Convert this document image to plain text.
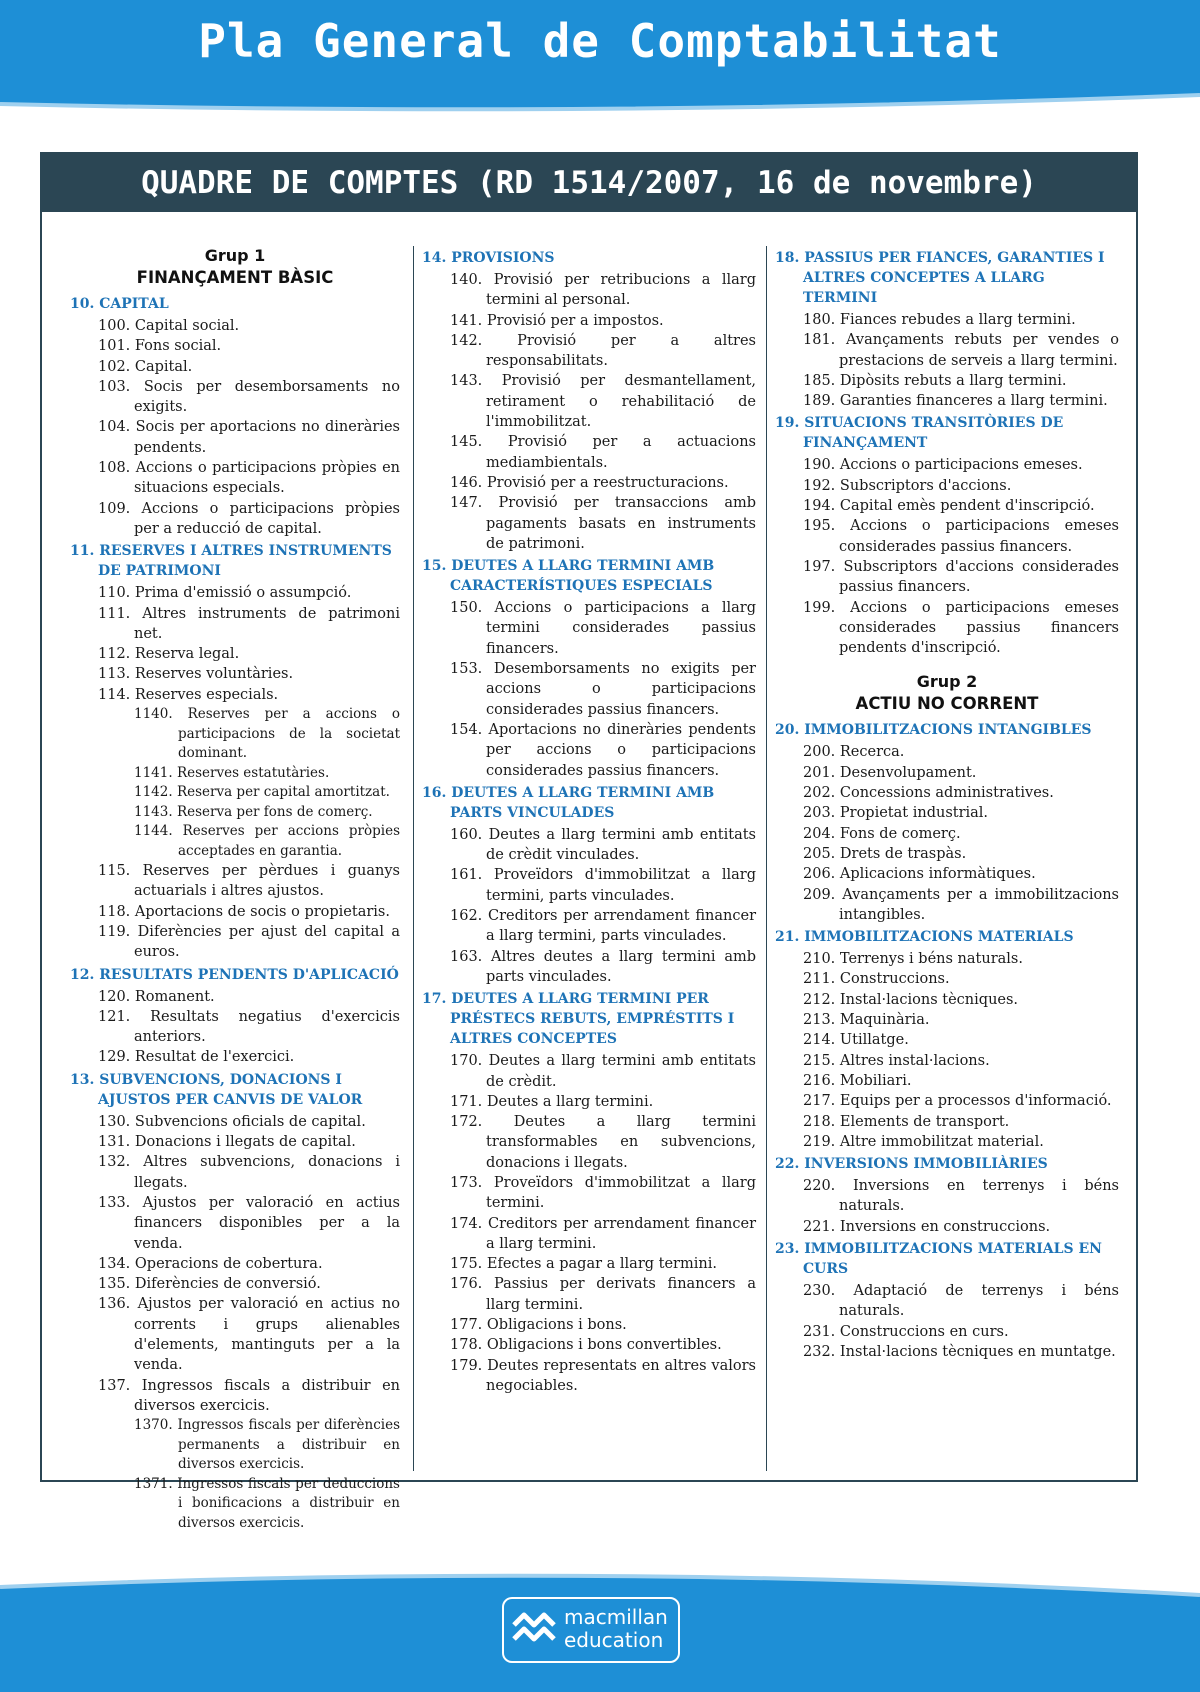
Pla General de Comptabilitat
QUADRE DE COMPTES (RD 1514/2007, 16 de novembre)
Grup 1
FINANÇAMENT BÀSIC
10. CAPITAL
100. Capital social.
101. Fons social.
102. Capital.
103. Socis per desemborsaments no exigits.
104. Socis per aportacions no dineràries pendents.
108. Accions o participacions pròpies en situacions especials.
109. Accions o participacions pròpies per a reducció de capital.
11. RESERVES I ALTRES INSTRUMENTS DE PATRIMONI
110. Prima d'emissió o assumpció.
111. Altres instruments de patrimoni net.
112. Reserva legal.
113. Reserves voluntàries.
114. Reserves especials.
1140. Reserves per a accions o participacions de la societat dominant.
1141. Reserves estatutàries.
1142. Reserva per capital amortitzat.
1143. Reserva per fons de comerç.
1144. Reserves per accions pròpies acceptades en garantia.
115. Reserves per pèrdues i guanys actuarials i altres ajustos.
118. Aportacions de socis o propietaris.
119. Diferències per ajust del capital a euros.
12. RESULTATS PENDENTS D'APLICACIÓ
120. Romanent.
121. Resultats negatius d'exercicis anteriors.
129. Resultat de l'exercici.
13. SUBVENCIONS, DONACIONS I AJUSTOS PER CANVIS DE VALOR
130. Subvencions oficials de capital.
131. Donacions i llegats de capital.
132. Altres subvencions, donacions i llegats.
133. Ajustos per valoració en actius financers disponibles per a la venda.
134. Operacions de cobertura.
135. Diferències de conversió.
136. Ajustos per valoració en actius no corrents i grups alienables d'elements, mantinguts per a la venda.
137. Ingressos fiscals a distribuir en diversos exercicis.
1370. Ingressos fiscals per diferències permanents a distribuir en diversos exercicis.
1371. Ingressos fiscals per deduccions i bonificacions a distribuir en diversos exercicis.
14. PROVISIONS
140. Provisió per retribucions a llarg termini al personal.
141. Provisió per a impostos.
142. Provisió per a altres responsabilitats.
143. Provisió per desmantellament, retirament o rehabilitació de l'immobilitzat.
145. Provisió per a actuacions mediambientals.
146. Provisió per a reestructuracions.
147. Provisió per transaccions amb pagaments basats en instruments de patrimoni.
15. DEUTES A LLARG TERMINI AMB CARACTERÍSTIQUES ESPECIALS
150. Accions o participacions a llarg termini considerades passius financers.
153. Desemborsaments no exigits per accions o participacions considerades passius financers.
154. Aportacions no dineràries pendents per accions o participacions considerades passius financers.
16. DEUTES A LLARG TERMINI AMB PARTS VINCULADES
160. Deutes a llarg termini amb entitats de crèdit vinculades.
161. Proveïdors d'immobilitzat a llarg termini, parts vinculades.
162. Creditors per arrendament financer a llarg termini, parts vinculades.
163. Altres deutes a llarg termini amb parts vinculades.
17. DEUTES A LLARG TERMINI PER PRÉSTECS REBUTS, EMPRÉSTITS I ALTRES CONCEPTES
170. Deutes a llarg termini amb entitats de crèdit.
171. Deutes a llarg termini.
172. Deutes a llarg termini transformables en subvencions, donacions i llegats.
173. Proveïdors d'immobilitzat a llarg termini.
174. Creditors per arrendament financer a llarg termini.
175. Efectes a pagar a llarg termini.
176. Passius per derivats financers a llarg termini.
177. Obligacions i bons.
178. Obligacions i bons convertibles.
179. Deutes representats en altres valors negociables.
18. PASSIUS PER FIANCES, GARANTIES I ALTRES CONCEPTES A LLARG TERMINI
180. Fiances rebudes a llarg termini.
181. Avançaments rebuts per vendes o prestacions de serveis a llarg termini.
185. Dipòsits rebuts a llarg termini.
189. Garanties financeres a llarg termini.
19. SITUACIONS TRANSITÒRIES DE FINANÇAMENT
190. Accions o participacions emeses.
192. Subscriptors d'accions.
194. Capital emès pendent d'inscripció.
195. Accions o participacions emeses considerades passius financers.
197. Subscriptors d'accions considerades passius financers.
199. Accions o participacions emeses considerades passius financers pendents d'inscripció.
Grup 2
ACTIU NO CORRENT
20. IMMOBILITZACIONS INTANGIBLES
200. Recerca.
201. Desenvolupament.
202. Concessions administratives.
203. Propietat industrial.
204. Fons de comerç.
205. Drets de traspàs.
206. Aplicacions informàtiques.
209. Avançaments per a immobilitzacions intangibles.
21. IMMOBILITZACIONS MATERIALS
210. Terrenys i béns naturals.
211. Construccions.
212. Instal·lacions tècniques.
213. Maquinària.
214. Utillatge.
215. Altres instal·lacions.
216. Mobiliari.
217. Equips per a processos d'informació.
218. Elements de transport.
219. Altre immobilitzat material.
22. INVERSIONS IMMOBILIÀRIES
220. Inversions en terrenys i béns naturals.
221. Inversions en construccions.
23. IMMOBILITZACIONS MATERIALS EN CURS
230. Adaptació de terrenys i béns naturals.
231. Construccions en curs.
232. Instal·lacions tècniques en muntatge.
macmillan
education
